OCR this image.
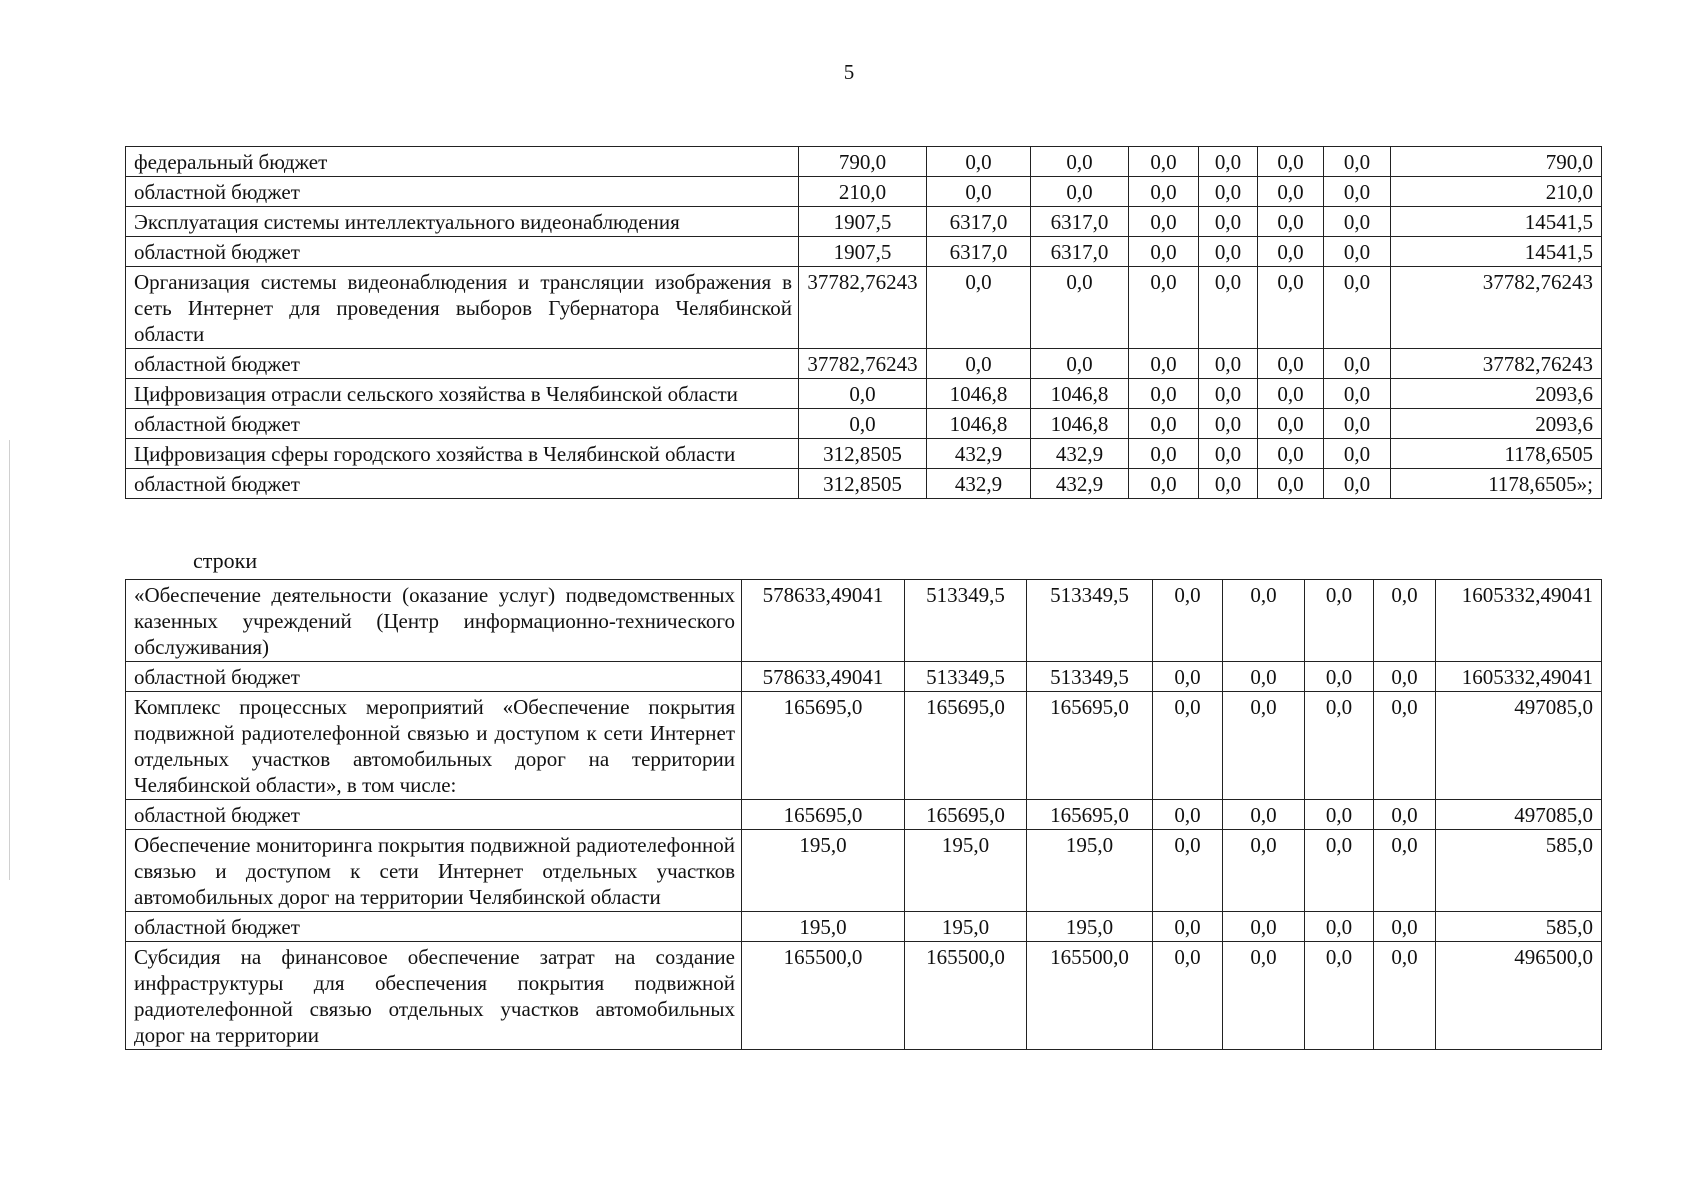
5
федеральный бюджет	790,0	0,0	0,0	0,0	0,0	0,0	0,0	790,0
областной бюджет	210,0	0,0	0,0	0,0	0,0	0,0	0,0	210,0
Эксплуатация системы интеллектуального видеонаблюдения	1907,5	6317,0	6317,0	0,0	0,0	0,0	0,0	14541,5
областной бюджет	1907,5	6317,0	6317,0	0,0	0,0	0,0	0,0	14541,5
Организация системы видеонаблюдения и трансляции изображения в сеть Интернет для проведения выборов Губернатора Челябинской области	37782,76243	0,0	0,0	0,0	0,0	0,0	0,0	37782,76243
областной бюджет	37782,76243	0,0	0,0	0,0	0,0	0,0	0,0	37782,76243
Цифровизация отрасли сельского хозяйства в Челябинской области	0,0	1046,8	1046,8	0,0	0,0	0,0	0,0	2093,6
областной бюджет	0,0	1046,8	1046,8	0,0	0,0	0,0	0,0	2093,6
Цифровизация сферы городского хозяйства в Челябинской области	312,8505	432,9	432,9	0,0	0,0	0,0	0,0	1178,6505
областной бюджет	312,8505	432,9	432,9	0,0	0,0	0,0	0,0	1178,6505»;
строки
«Обеспечение деятельности (оказание услуг) подведомственных казенных учреждений (Центр информационно-технического обслуживания)	578633,49041	513349,5	513349,5	0,0	0,0	0,0	0,0	1605332,49041
областной бюджет	578633,49041	513349,5	513349,5	0,0	0,0	0,0	0,0	1605332,49041
Комплекс процессных мероприятий «Обеспечение покрытия подвижной радиотелефонной связью и доступом к сети Интернет отдельных участков автомобильных дорог на территории Челябинской области», в том числе:	165695,0	165695,0	165695,0	0,0	0,0	0,0	0,0	497085,0
областной бюджет	165695,0	165695,0	165695,0	0,0	0,0	0,0	0,0	497085,0
Обеспечение мониторинга покрытия подвижной радиотелефонной связью и доступом к сети Интернет отдельных участков автомобильных дорог на территории Челябинской области	195,0	195,0	195,0	0,0	0,0	0,0	0,0	585,0
областной бюджет	195,0	195,0	195,0	0,0	0,0	0,0	0,0	585,0
Субсидия на финансовое обеспечение затрат на создание инфраструктуры для обеспечения покрытия подвижной радиотелефонной связью отдельных участков автомобильных дорог на территории	165500,0	165500,0	165500,0	0,0	0,0	0,0	0,0	496500,0
